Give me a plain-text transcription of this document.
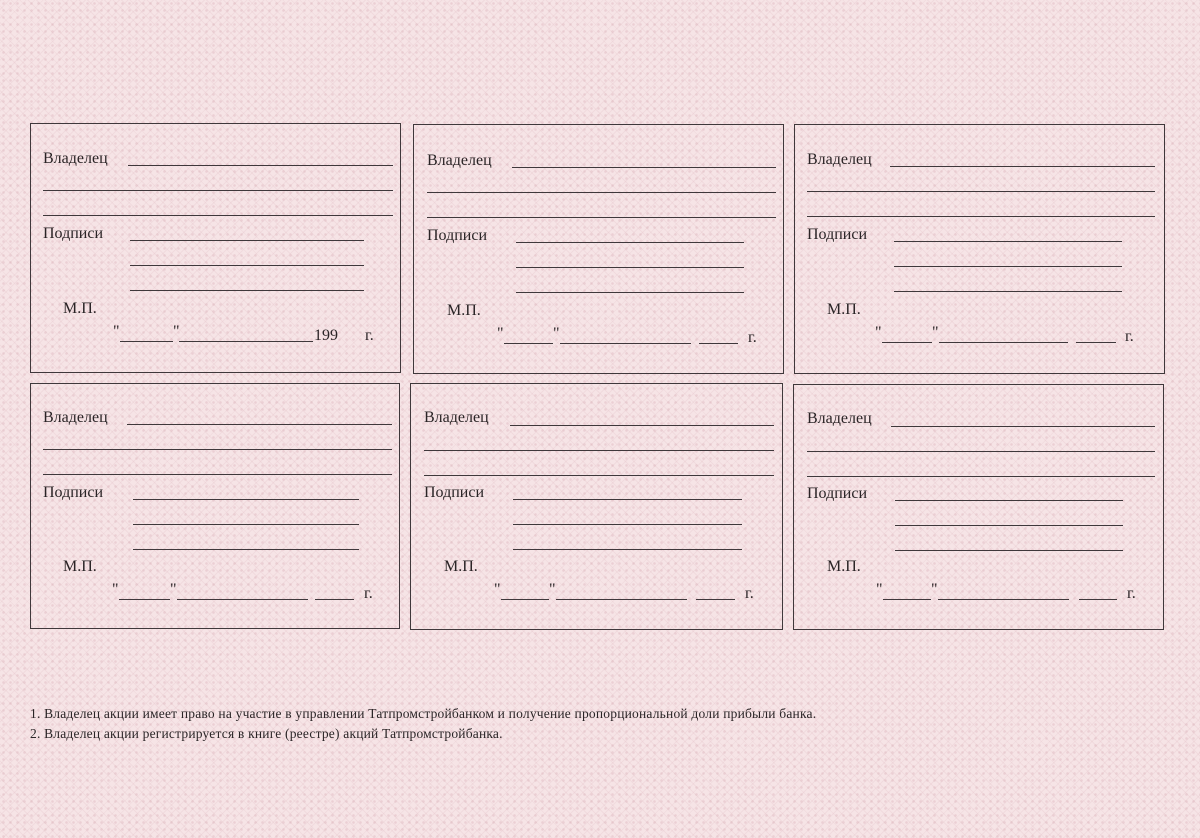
Владелец
Подписи
М.П.
"	"	199 г.
Владелец
Подписи
М.П.
"	"	г.
Владелец
Подписи
М.П.
"	"	г.
Владелец
Подписи
М.П.
"	"	г.
Владелец
Подписи
М.П.
"	"	г.
Владелец
Подписи
М.П.
"	"	г.
1. Владелец акции имеет право на участие в управлении Татпромстройбанком и получение пропорциональной доли прибыли банка.
2. Владелец акции регистрируется в книге (реестре) акций Татпромстройбанка.
